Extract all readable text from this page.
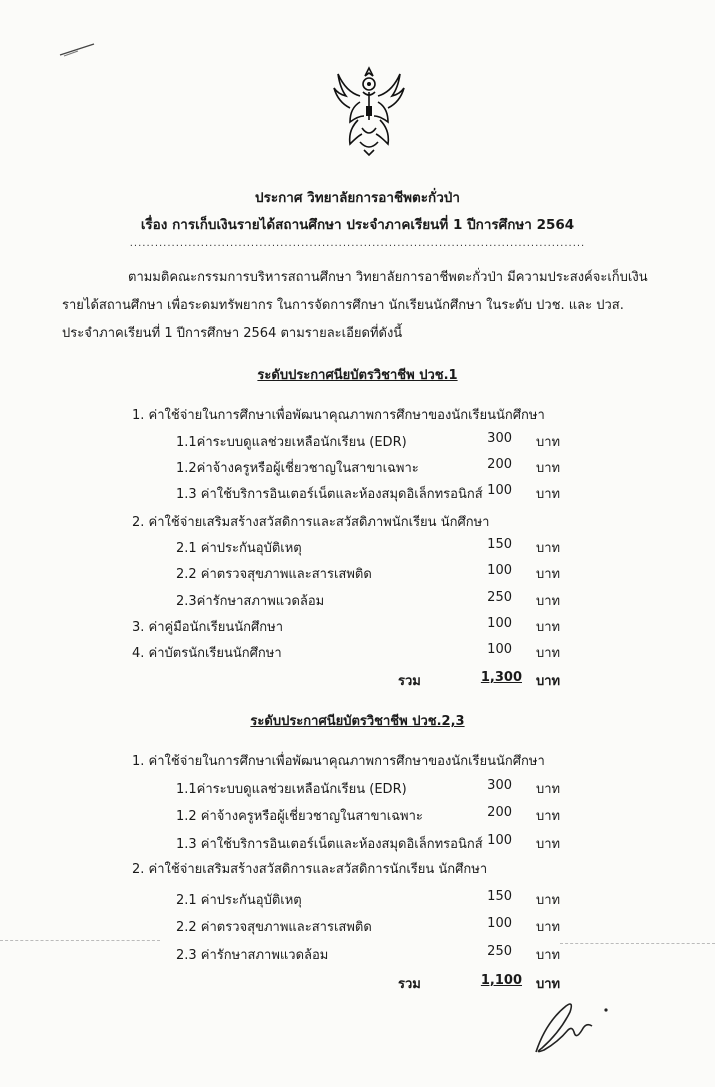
ประกาศ วิทยาลัยการอาชีพตะกั่วป่า
เรื่อง การเก็บเงินรายได้สถานศึกษา ประจำภาคเรียนที่ 1 ปีการศึกษา 2564
.............................................................................................................
ตามมติคณะกรรมการบริหารสถานศึกษา วิทยาลัยการอาชีพตะกั่วป่า มีความประสงค์จะเก็บเงิน
รายได้สถานศึกษา เพื่อระดมทรัพยากร ในการจัดการศึกษา นักเรียนนักศึกษา ในระดับ ปวช. และ ปวส.
ประจำภาคเรียนที่ 1 ปีการศึกษา 2564 ตามรายละเอียดที่ดังนี้
ระดับประกาศนียบัตรวิชาชีพ ปวช.1
1. ค่าใช้จ่ายในการศึกษาเพื่อพัฒนาคุณภาพการศึกษาของนักเรียนนักศึกษา
1.1ค่าระบบดูแลช่วยเหลือนักเรียน (EDR)	300 บาท
1.2ค่าจ้างครูหรือผู้เชี่ยวชาญในสาขาเฉพาะ	200 บาท
1.3 ค่าใช้บริการอินเตอร์เน็ตและห้องสมุดอิเล็กทรอนิกส์ 100 บาท
2. ค่าใช้จ่ายเสริมสร้างสวัสดิการและสวัสดิภาพนักเรียน นักศึกษา
2.1 ค่าประกันอุบัติเหตุ	150 บาท
2.2 ค่าตรวจสุขภาพและสารเสพติด	100 บาท
2.3ค่ารักษาสภาพแวดล้อม	250 บาท
3. ค่าคู่มือนักเรียนนักศึกษา	100 บาท
4. ค่าบัตรนักเรียนนักศึกษา	100 บาท
รวม	1,300 บาท
ระดับประกาศนียบัตรวิชาชีพ ปวช.2,3
1. ค่าใช้จ่ายในการศึกษาเพื่อพัฒนาคุณภาพการศึกษาของนักเรียนนักศึกษา
1.1ค่าระบบดูแลช่วยเหลือนักเรียน (EDR)	300 บาท
1.2 ค่าจ้างครูหรือผู้เชี่ยวชาญในสาขาเฉพาะ	200 บาท
1.3 ค่าใช้บริการอินเตอร์เน็ตและห้องสมุดอิเล็กทรอนิกส์ 100 บาท
2. ค่าใช้จ่ายเสริมสร้างสวัสดิการและสวัสดิการนักเรียน นักศึกษา
2.1 ค่าประกันอุบัติเหตุ	150 บาท
2.2 ค่าตรวจสุขภาพและสารเสพติด	100 บาท
2.3 ค่ารักษาสภาพแวดล้อม	250 บาท
รวม	1,100 บาท
